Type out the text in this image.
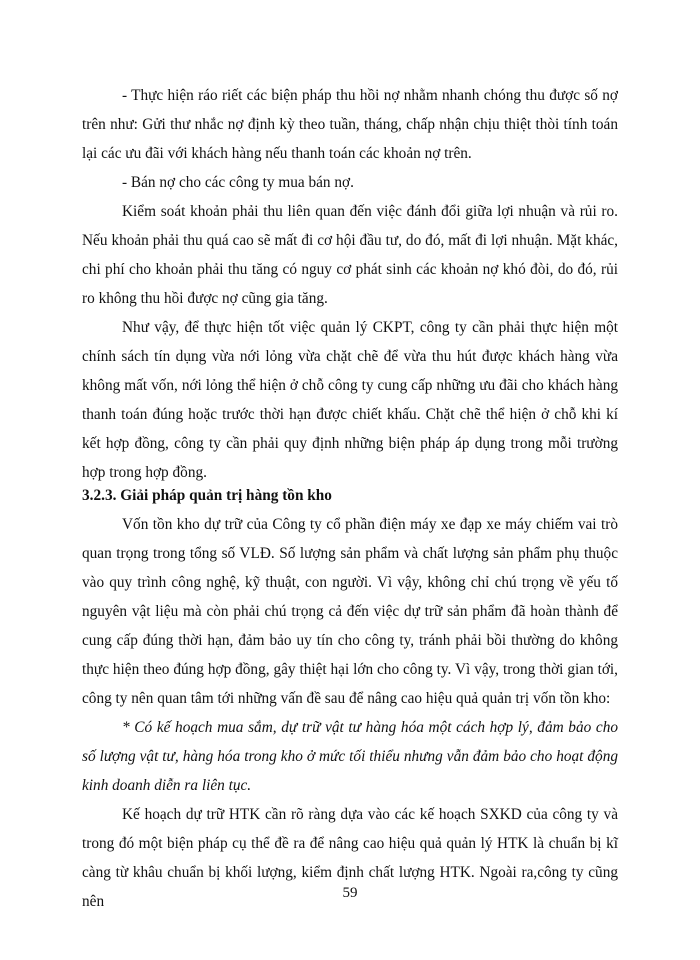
- Thực hiện ráo riết các biện pháp thu hồi nợ nhằm nhanh chóng thu được số nợ trên như: Gửi thư nhắc nợ định kỳ theo tuần, tháng, chấp nhận chịu thiệt thòi tính toán lại các ưu đãi với khách hàng nếu thanh toán các khoản nợ trên.

- Bán nợ cho các công ty mua bán nợ.

Kiểm soát khoản phải thu liên quan đến việc đánh đổi giữa lợi nhuận và rủi ro. Nếu khoản phải thu quá cao sẽ mất đi cơ hội đầu tư, do đó, mất đi lợi nhuận. Mặt khác, chi phí cho khoản phải thu tăng có nguy cơ phát sinh các khoản nợ khó đòi, do đó, rủi ro không thu hồi được nợ cũng gia tăng.

Như vậy, để thực hiện tốt việc quản lý CKPT, công ty cần phải thực hiện một chính sách tín dụng vừa nới lỏng vừa chặt chẽ để vừa thu hút được khách hàng vừa không mất vốn, nới lỏng thể hiện ở chỗ công ty cung cấp những ưu đãi cho khách hàng thanh toán đúng hoặc trước thời hạn được chiết khấu. Chặt chẽ thể hiện ở chỗ khi kí kết hợp đồng, công ty cần phải quy định những biện pháp áp dụng trong mỗi trường hợp trong hợp đồng.

3.2.3. Giải pháp quản trị hàng tồn kho

Vốn tồn kho dự trữ của Công ty cổ phần điện máy xe đạp xe máy chiếm vai trò quan trọng trong tổng số VLĐ. Số lượng sản phẩm và chất lượng sản phẩm phụ thuộc vào quy trình công nghệ, kỹ thuật, con người. Vì vậy, không chỉ chú trọng về yếu tố nguyên vật liệu mà còn phải chú trọng cả đến việc dự trữ sản phẩm đã hoàn thành để cung cấp đúng thời hạn, đảm bảo uy tín cho công ty, tránh phải bồi thường do không thực hiện theo đúng hợp đồng, gây thiệt hại lớn cho công ty. Vì vậy, trong thời gian tới, công ty nên quan tâm tới những vấn đề sau để nâng cao hiệu quả quản trị vốn tồn kho:

* Có kế hoạch mua sắm, dự trữ vật tư hàng hóa một cách hợp lý, đảm bảo cho số lượng vật tư, hàng hóa trong kho ở mức tối thiểu nhưng vẫn đảm bảo cho hoạt động kinh doanh diễn ra liên tục.

Kế hoạch dự trữ HTK cần rõ ràng dựa vào các kế hoạch SXKD của công ty và trong đó một biện pháp cụ thể đề ra để nâng cao hiệu quả quản lý HTK là chuẩn bị kĩ càng từ khâu chuẩn bị khối lượng, kiểm định chất lượng HTK. Ngoài ra,công ty cũng nên	59
